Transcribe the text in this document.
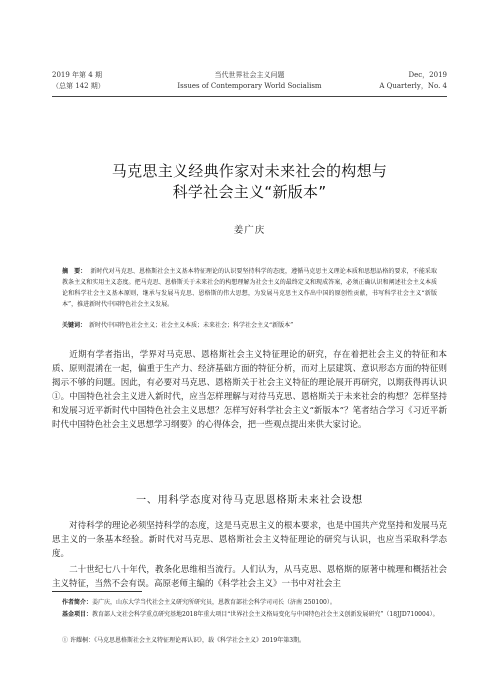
2019 年第 4 期
（总第 142 期）
当代世界社会主义问题
Issues of Contemporary World Socialism
Dec，2019
A Quarterly，No. 4
马克思主义经典作家对未来社会的构想与
科学社会主义“新版本”
姜广庆
摘　要： 新时代对马克思、恩格斯社会主义基本特征理论的认识要坚持科学的态度，遵循马克思主义理论本质和思想品格的要求，不能采取教条主义和实用主义态度。把马克思、恩格斯关于未来社会的构想理解为社会主义的最终定义和现成答案，必须正确认识和阐述社会主义本质论和科学社会主义基本原则，继承与发展马克思、恩格斯的伟大思想，为发展马克思主义作出中国的原创性贡献，书写科学社会主义“新版本”，推进新时代中国特色社会主义发展。
关键词： 新时代中国特色社会主义；社会主义本质；未来社会；科学社会主义“新版本”
近期有学者指出，学界对马克思、恩格斯社会主义特征理论的研究，存在着把社会主义的特征和本质、原则混淆在一起，偏重于生产力、经济基础方面的特征分析，而对上层建筑、意识形态方面的特征则揭示不够的问题。因此，有必要对马克思、恩格斯关于社会主义特征的理论展开再研究，以期获得再认识①。中国特色社会主义进入新时代，应当怎样理解与对待马克思、恩格斯关于未来社会的构想？怎样坚持和发展习近平新时代中国特色社会主义思想？怎样写好科学社会主义“新版本”？笔者结合学习《习近平新时代中国特色社会主义思想学习纲要》的心得体会，把一些观点提出来供大家讨论。
一、用科学态度对待马克思恩格斯未来社会设想
对待科学的理论必须坚持科学的态度，这是马克思主义的根本要求，也是中国共产党坚持和发展马克思主义的一条基本经验。新时代对马克思、恩格斯社会主义特征理论的研究与认识，也应当采取科学态度。
二十世纪七八十年代，教条化思维相当流行。人们认为，从马克思、恩格斯的原著中梳理和概括社会主义特征，当然不会有误。高原老师主编的《科学社会主义》一书中对社会主
作者简介：姜广庆，山东大学当代社会主义研究所研究员，恩教育部社会科学司司长（济南 250100）。
基金项目：教育部人文社会科学重点研究基地2018年重大项目“世界社会主义格局变化与中国特色社会主义创新发展研究”（18JJD710004）。
① 许耀桐：《马克思恩格斯社会主义特征理论再认识》，载《科学社会主义》2019年第3期。
